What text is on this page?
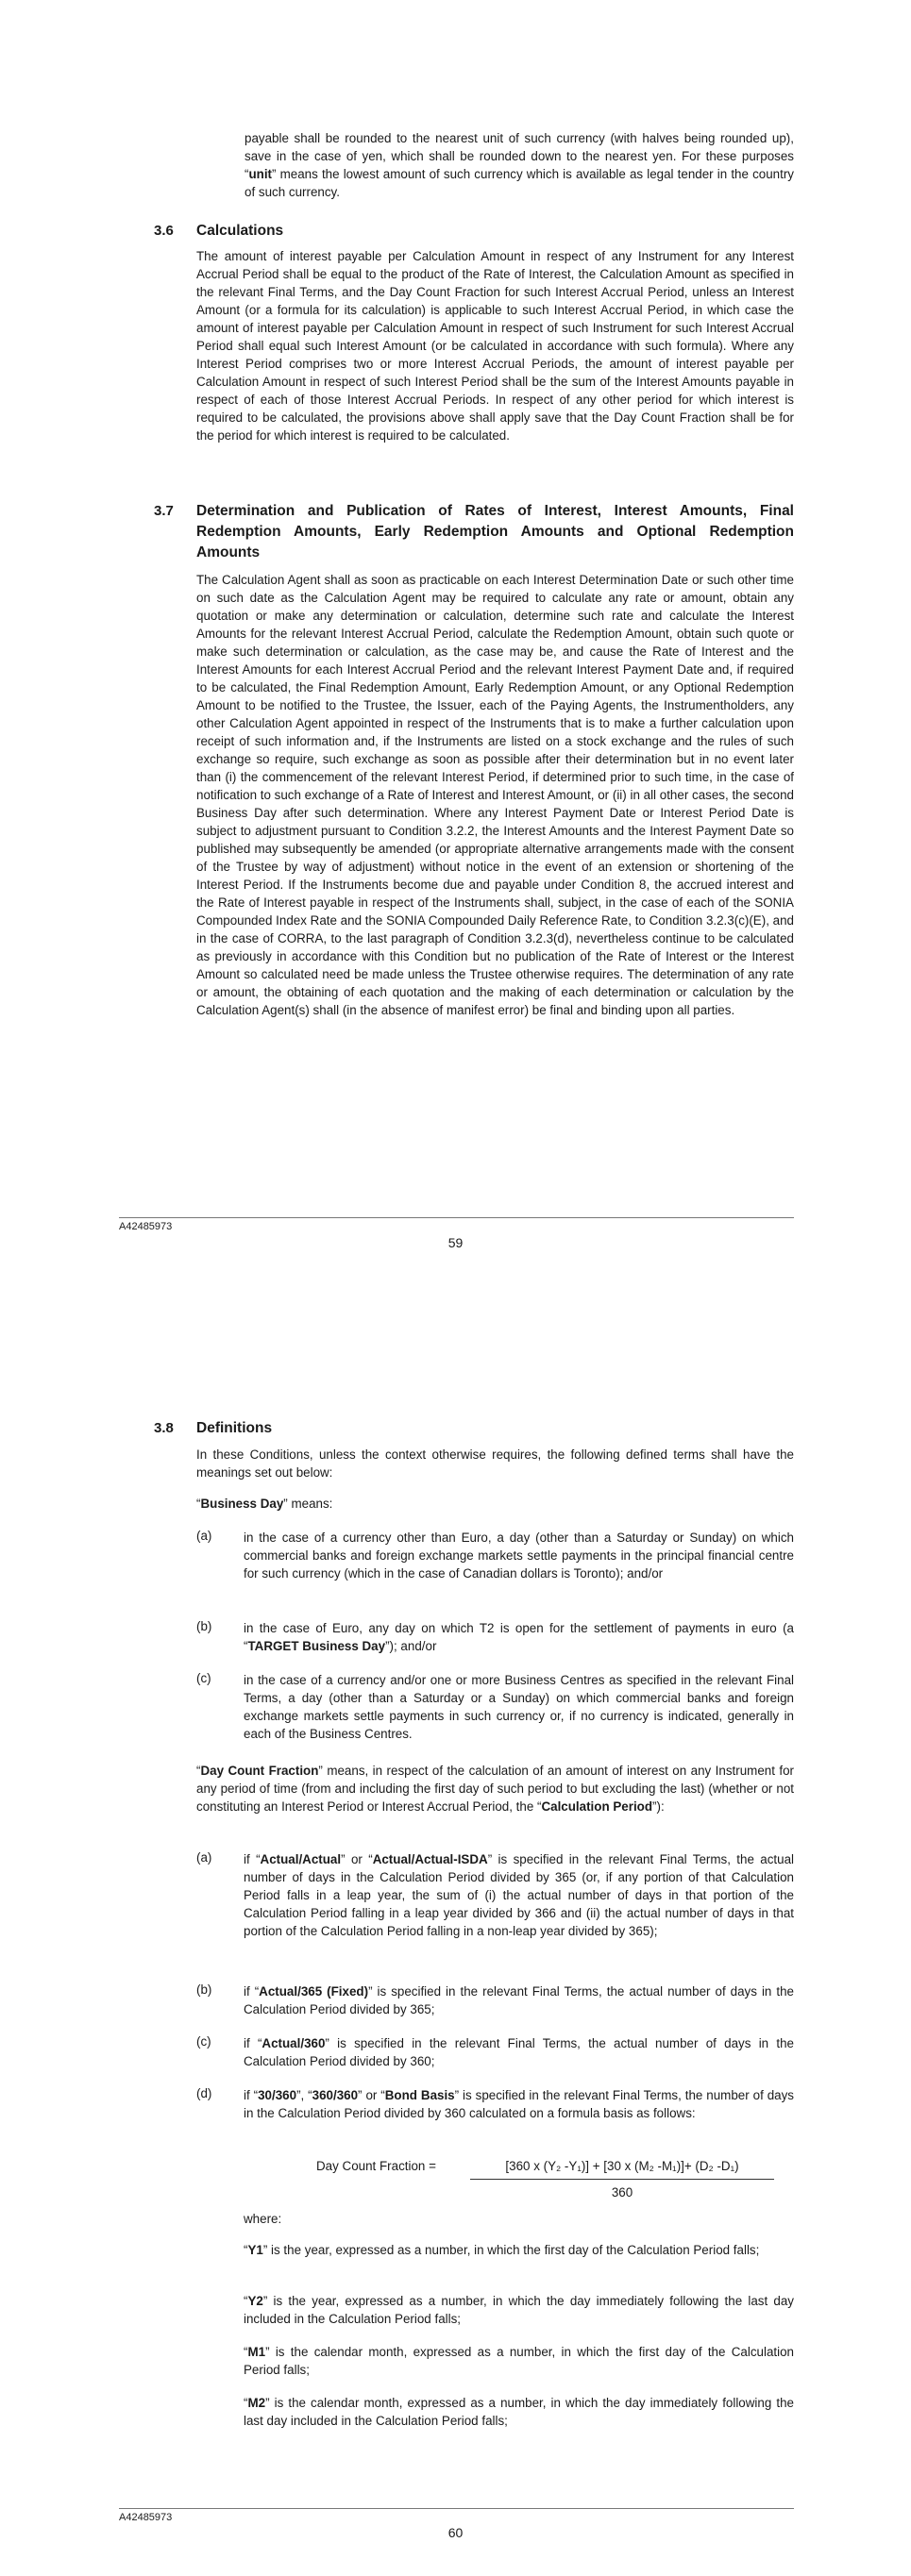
payable shall be rounded to the nearest unit of such currency (with halves being rounded up), save in the case of yen, which shall be rounded down to the nearest yen. For these purposes “unit” means the lowest amount of such currency which is available as legal tender in the country of such currency.

3.6 Calculations

The amount of interest payable per Calculation Amount in respect of any Instrument for any Interest Accrual Period shall be equal to the product of the Rate of Interest, the Calculation Amount as specified in the relevant Final Terms, and the Day Count Fraction for such Interest Accrual Period, unless an Interest Amount (or a formula for its calculation) is applicable to such Interest Accrual Period, in which case the amount of interest payable per Calculation Amount in respect of such Instrument for such Interest Accrual Period shall equal such Interest Amount (or be calculated in accordance with such formula). Where any Interest Period comprises two or more Interest Accrual Periods, the amount of interest payable per Calculation Amount in respect of such Interest Period shall be the sum of the Interest Amounts payable in respect of each of those Interest Accrual Periods. In respect of any other period for which interest is required to be calculated, the provisions above shall apply save that the Day Count Fraction shall be for the period for which interest is required to be calculated.

3.7 Determination and Publication of Rates of Interest, Interest Amounts, Final Redemption Amounts, Early Redemption Amounts and Optional Redemption Amounts

The Calculation Agent shall as soon as practicable on each Interest Determination Date or such other time on such date as the Calculation Agent may be required to calculate any rate or amount, obtain any quotation or make any determination or calculation, determine such rate and calculate the Interest Amounts for the relevant Interest Accrual Period, calculate the Redemption Amount, obtain such quote or make such determination or calculation, as the case may be, and cause the Rate of Interest and the Interest Amounts for each Interest Accrual Period and the relevant Interest Payment Date and, if required to be calculated, the Final Redemption Amount, Early Redemption Amount, or any Optional Redemption Amount to be notified to the Trustee, the Issuer, each of the Paying Agents, the Instrumentholders, any other Calculation Agent appointed in respect of the Instruments that is to make a further calculation upon receipt of such information and, if the Instruments are listed on a stock exchange and the rules of such exchange so require, such exchange as soon as possible after their determination but in no event later than (i) the commencement of the relevant Interest Period, if determined prior to such time, in the case of notification to such exchange of a Rate of Interest and Interest Amount, or (ii) in all other cases, the second Business Day after such determination. Where any Interest Payment Date or Interest Period Date is subject to adjustment pursuant to Condition 3.2.2, the Interest Amounts and the Interest Payment Date so published may subsequently be amended (or appropriate alternative arrangements made with the consent of the Trustee by way of adjustment) without notice in the event of an extension or shortening of the Interest Period. If the Instruments become due and payable under Condition 8, the accrued interest and the Rate of Interest payable in respect of the Instruments shall, subject, in the case of each of the SONIA Compounded Index Rate and the SONIA Compounded Daily Reference Rate, to Condition 3.2.3(c)(E), and in the case of CORRA, to the last paragraph of Condition 3.2.3(d), nevertheless continue to be calculated as previously in accordance with this Condition but no publication of the Rate of Interest or the Interest Amount so calculated need be made unless the Trustee otherwise requires. The determination of any rate or amount, the obtaining of each quotation and the making of each determination or calculation by the Calculation Agent(s) shall (in the absence of manifest error) be final and binding upon all parties.

A42485973
59
3.8 Definitions

In these Conditions, unless the context otherwise requires, the following defined terms shall have the meanings set out below:

“Business Day” means:

(a)	in the case of a currency other than Euro, a day (other than a Saturday or Sunday) on which commercial banks and foreign exchange markets settle payments in the principal financial centre for such currency (which in the case of Canadian dollars is Toronto); and/or
(b)	in the case of Euro, any day on which T2 is open for the settlement of payments in euro (a “TARGET Business Day”); and/or
(c)	in the case of a currency and/or one or more Business Centres as specified in the relevant Final Terms, a day (other than a Saturday or a Sunday) on which commercial banks and foreign exchange markets settle payments in such currency or, if no currency is indicated, generally in each of the Business Centres.

“Day Count Fraction” means, in respect of the calculation of an amount of interest on any Instrument for any period of time (from and including the first day of such period to but excluding the last) (whether or not constituting an Interest Period or Interest Accrual Period, the “Calculation Period”):

(a)	if “Actual/Actual” or “Actual/Actual-ISDA” is specified in the relevant Final Terms, the actual number of days in the Calculation Period divided by 365 (or, if any portion of that Calculation Period falls in a leap year, the sum of (i) the actual number of days in that portion of the Calculation Period falling in a leap year divided by 366 and (ii) the actual number of days in that portion of the Calculation Period falling in a non-leap year divided by 365);
(b)	if “Actual/365 (Fixed)” is specified in the relevant Final Terms, the actual number of days in the Calculation Period divided by 365;
(c)	if “Actual/360” is specified in the relevant Final Terms, the actual number of days in the Calculation Period divided by 360;
(d)	if “30/360”, “360/360” or “Bond Basis” is specified in the relevant Final Terms, the number of days in the Calculation Period divided by 360 calculated on a formula basis as follows:
Day Count Fraction =	[360 x (Y₂ -Y₁)] + [30 x (M₂ -M₁)]+ (D₂ -D₁)
360

where:

“Y1” is the year, expressed as a number, in which the first day of the Calculation Period falls;

“Y2” is the year, expressed as a number, in which the day immediately following the last day included in the Calculation Period falls;

“M1” is the calendar month, expressed as a number, in which the first day of the Calculation Period falls;

“M2” is the calendar month, expressed as a number, in which the day immediately following the last day included in the Calculation Period falls;

A42485973
60
